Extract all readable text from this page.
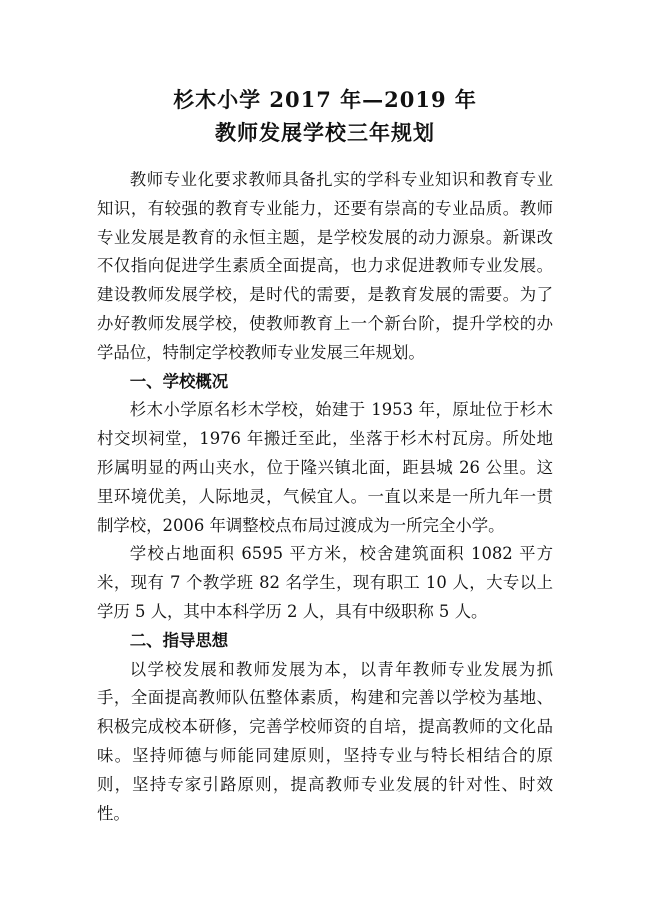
杉木小学 2017 年—2019 年
教师发展学校三年规划

教师专业化要求教师具备扎实的学科专业知识和教育专业知识，有较强的教育专业能力，还要有崇高的专业品质。教师专业发展是教育的永恒主题，是学校发展的动力源泉。新课改不仅指向促进学生素质全面提高，也力求促进教师专业发展。建设教师发展学校，是时代的需要，是教育发展的需要。为了办好教师发展学校，使教师教育上一个新台阶，提升学校的办学品位，特制定学校教师专业发展三年规划。

一、学校概况

杉木小学原名杉木学校，始建于 1953 年，原址位于杉木村交坝祠堂，1976 年搬迁至此，坐落于杉木村瓦房。所处地形属明显的两山夹水，位于隆兴镇北面，距县城 26 公里。这里环境优美，人际地灵，气候宜人。一直以来是一所九年一贯制学校，2006 年调整校点布局过渡成为一所完全小学。

学校占地面积 6595 平方米，校舍建筑面积 1082 平方米，现有 7 个教学班 82 名学生，现有职工 10 人，大专以上学历 5 人，其中本科学历 2 人，具有中级职称 5 人。

二、指导思想

以学校发展和教师发展为本，以青年教师专业发展为抓手，全面提高教师队伍整体素质，构建和完善以学校为基地、积极完成校本研修，完善学校师资的自培，提高教师的文化品味。坚持师德与师能同建原则，坚持专业与特长相结合的原则，坚持专家引路原则，提高教师专业发展的针对性、时效性。
